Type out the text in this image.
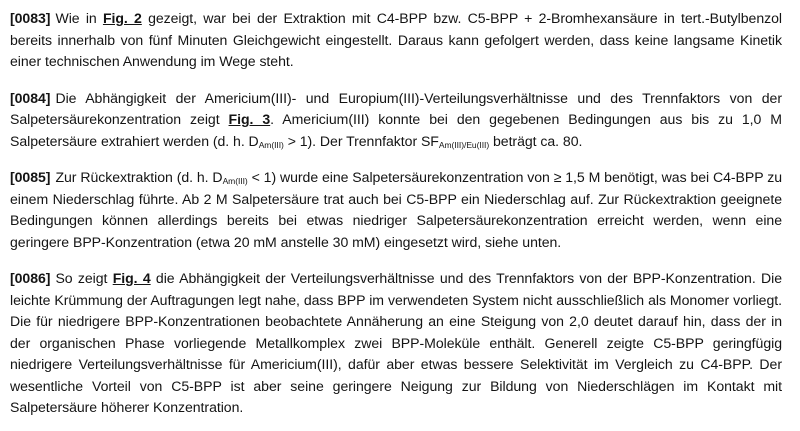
[0083] Wie in Fig. 2 gezeigt, war bei der Extraktion mit C4-BPP bzw. C5-BPP + 2-Bromhexansäure in tert.-Butylbenzol bereits innerhalb von fünf Minuten Gleichgewicht eingestellt. Daraus kann gefolgert werden, dass keine langsame Kinetik einer technischen Anwendung im Wege steht.

[0084] Die Abhängigkeit der Americium(III)- und Europium(III)-Verteilungsverhältnisse und des Trennfaktors von der Salpetersäurekonzentration zeigt Fig. 3. Americium(III) konnte bei den gegebenen Bedingungen aus bis zu 1,0 M Salpetersäure extrahiert werden (d. h. $D_{Am(III)} > 1$). Der Trennfaktor $SF_{Am(III)/Eu(III)}$ beträgt ca. 80.

[0085] Zur Rückextraktion (d. h. $D_{Am(III)} < 1$) wurde eine Salpetersäurekonzentration von ≥ 1,5 M benötigt, was bei C4-BPP zu einem Niederschlag führte. Ab 2 M Salpetersäure trat auch bei C5-BPP ein Niederschlag auf. Zur Rückextraktion geeignete Bedingungen können allerdings bereits bei etwas niedriger Salpetersäurekonzentration erreicht werden, wenn eine geringere BPP-Konzentration (etwa 20 mM anstelle 30 mM) eingesetzt wird, siehe unten.

[0086] So zeigt Fig. 4 die Abhängigkeit der Verteilungsverhältnisse und des Trennfaktors von der BPP-Konzentration. Die leichte Krümmung der Auftragungen legt nahe, dass BPP im verwendeten System nicht ausschließlich als Monomer vorliegt. Die für niedrigere BPP-Konzentrationen beobachtete Annäherung an eine Steigung von 2,0 deutet darauf hin, dass der in der organischen Phase vorliegende Metallkomplex zwei BPP-Moleküle enthält. Generell zeigte C5-BPP geringfügig niedrigere Verteilungsverhältnisse für Americium(III), dafür aber etwas bessere Selektivität im Vergleich zu C4-BPP. Der wesentliche Vorteil von C5-BPP ist aber seine geringere Neigung zur Bildung von Niederschlägen im Kontakt mit Salpetersäure höherer Konzentration.
